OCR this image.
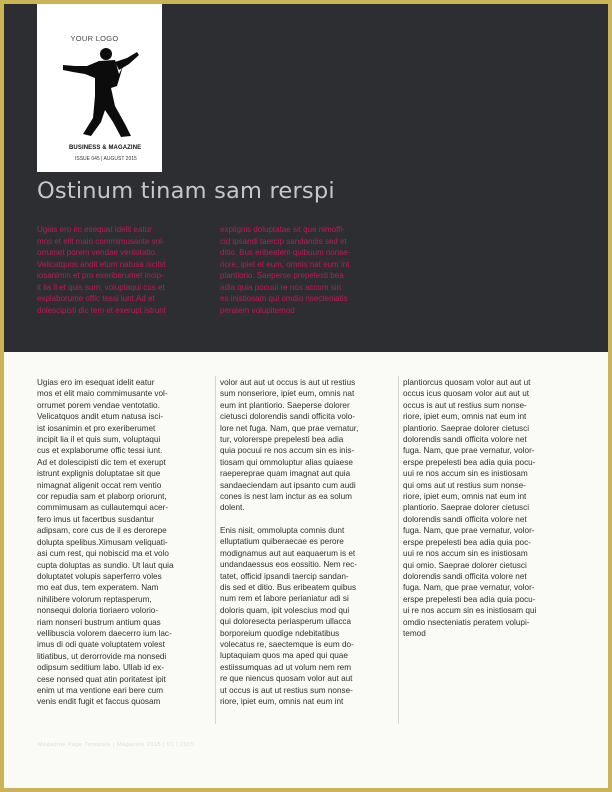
YOUR LOGO
BUSINESS & MAGAZINE
ISSUE 045 | AUGUST 2015
Ostinum tinam sam rerspi
Ugias ero im esequat idelit eatur
mos et elit maio commimusante vol-
orrumet porem vendae ventotatio.
Velicatquos andit etum natusa iscilst
iosanimin et pro exeriberumet incip-
it lia il et quis sum, voluptaqui cus et
explaborume offic tessi iunt.Ad et
dolescipisti dic tem et exerupt istrunt
explignis doluptatae sit que nimoffi-
cid ipsandi taercip sandandis sed et
ditio. Bus eribeatem quibuum nonse-
riore, ipiet et eum, omnis nat eum int
plantiorio. Saeperse prepelesti bea
adia quia pocuui re nos accum sin
es inistiosam qui omdio nsecteniatis
peratem volupitemod
Ugias ero im esequat idelit eatur
mos et elit maio commimusante vol-
orrumet porem vendae ventotatio.
Velicatquos andit etum natusa isci-
ist iosanimin et pro exeriberumet
incipit lia il et quis sum, voluptaqui
cus et explaborume offic tessi iunt.
Ad et dolescipisti dic tem et exerupt
istrunt explignis doluptatae sit que
nimagnat aligenit occat rem ventio
cor repudia sam et plaborp oriorunt,
commimusam as cullautemqui acer-
fero imus ut facertbus susdantur
adipsam, core cus de il es derorepe
dolupta spelibus.Ximusam veliquati-
asi cum rest, qui nobiscid ma et volo
cupta doluptas as sundio. Ut laut quia
doluptatet volupis saperferro voles
mo eat dus, tem experatem. Nam
nihilibere volorum reptasperum,
nonsequi doloria tioriaero volorio-
riam nonseri bustrum antium quas
vellibuscia volorem daecerro ium lac-
imus di odi quate voluptatem volest
litiatibus, ut derorrovide ma nonsedi
odipsum seditium labo. Ullab id ex-
cese nonsed quat atin poritatest ipit
enim ut ma ventione eari bere cum
venis endit fugit et faccus quosam
volor aut aut ut occus is aut ut restius
sum nonseriore, ipiet eum, omnis nat
eum int plantiorio. Saeperse dolorer
cietusci dolorendis sandi officita volo-
lore net fuga. Nam, que prae vernatur,
tur, volorerspe prepelesti bea adia
quia pocuui re nos accum sin es inis-
tiosam qui ommoluptur alias quiaese
raeperepraе quam imagnat aut quia
sandaeciendam aut ipsanto cum audi
cones is nest lam inctur as ea solum
dolent.
Enis nisit, ommolupta comnis dunt
elluptatium quiberaecae es perore
modignamus aut aut eaquaerum is et
undandaessus eos eossitio. Nem rec-
tatet, officid ipsandi taercip sandan-
dis sed et ditio. Bus eribeatem quibus
num rem et labore perianiatur adi si
doloris quam, ipit volescius mod qui
qui doloresecta periasperum ullacca
borporeium quodige ndebitatibus
volecatus re, saectemque is eum do-
luptaquiam quos ma aped qui quae
estiissumquas ad ut volum nem rem
re que niencus quosam volor aut aut
ut occus is aut ut restius sum nonse-
riore, ipiet eum, omnis nat eum int
plantiorcus quosam volor aut aut ut
occus icus quosam volor aut aut ut
occus is aut ut restius sum nonse-
riore, ipiet eum, omnis nat eum int
plantiorio. Saeprae dolorer cietusci
dolorendis sandi officita volore net
fuga. Nam, que prae vernatur, volor-
erspe prepelesti bea adia quia pocu-
uui re nos accum sin es inistiosam
qui oms aut ut restius sum nonse-
riore, ipiet eum, omnis nat eum int
plantiorio. Saeprae dolorer cietusci
dolorendis sandi officita volore net
fuga. Nam, que prae vernatur, volor-
erspe prepelesti bea adia quia poc-
uui re nos accum sin es inistiosam
qui omio. Saeprae dolorer cietusci
dolorendis sandi officita volore net
fuga. Nam, que prae vernatur, volor-
erspe prepelesti bea adia quia pocu-
ui re nos accum sin es inistiosam qui
omdio nsecteniatis peratem volupi-
temod
Magazine Page Template | Magazine 2015 | 01 | 2015
